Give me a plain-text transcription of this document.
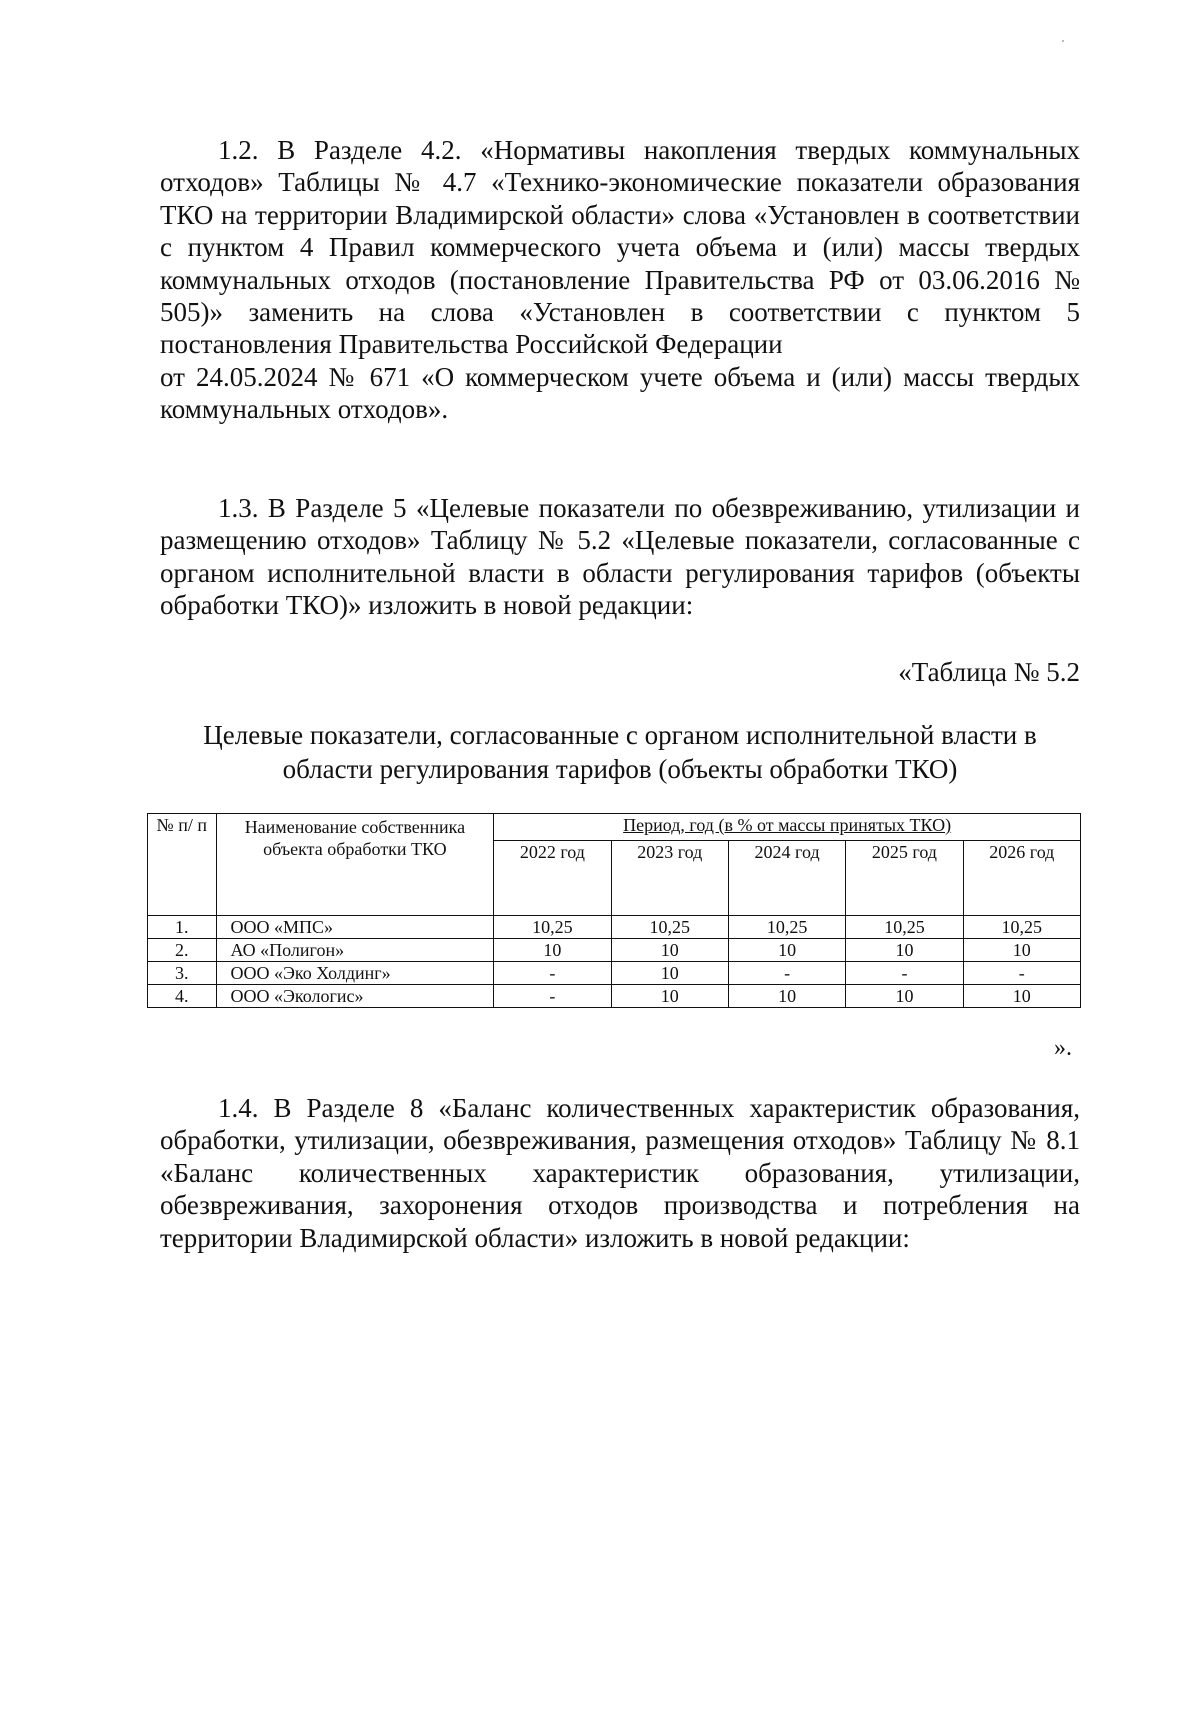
1.2. В Разделе 4.2. «Нормативы накопления твердых коммунальных отходов» Таблицы № 4.7 «Технико-экономические показатели образования ТКО на территории Владимирской области» слова «Установлен в соответствии с пунктом 4 Правил коммерческого учета объема и (или) массы твердых коммунальных отходов (постановление Правительства РФ от 03.06.2016 № 505)» заменить на слова «Установлен в соответствии с пунктом 5 постановления Правительства Российской Федерации
от 24.05.2024 № 671 «О коммерческом учете объема и (или) массы твердых коммунальных отходов».
1.3. В Разделе 5 «Целевые показатели по обезвреживанию, утилизации и размещению отходов» Таблицу № 5.2 «Целевые показатели, согласованные с органом исполнительной власти в области регулирования тарифов (объекты обработки ТКО)» изложить в новой редакции:

«Таблица № 5.2

Целевые показатели, согласованные с органом исполнительной власти в
области регулирования тарифов (объекты обработки ТКО)

№ п/ п	Наименование собственника объекта обработки ТКО	Период, год (в % от массы принятых ТКО)				
		2022 год	2023 год	2024 год	2025 год	2026 год
1.	ООО «МПС»	10,25	10,25	10,25	10,25	10,25
2.	АО «Полигон»	10	10	10	10	10
3.	ООО «Эко Холдинг»	-	10	-	-	-
4.	ООО «Экологис»	-	10	10	10	10
».
1.4. В Разделе 8 «Баланс количественных характеристик образования, обработки, утилизации, обезвреживания, размещения отходов» Таблицу № 8.1 «Баланс количественных характеристик образования, утилизации, обезвреживания, захоронения отходов производства и потребления на территории Владимирской области» изложить в новой редакции:
